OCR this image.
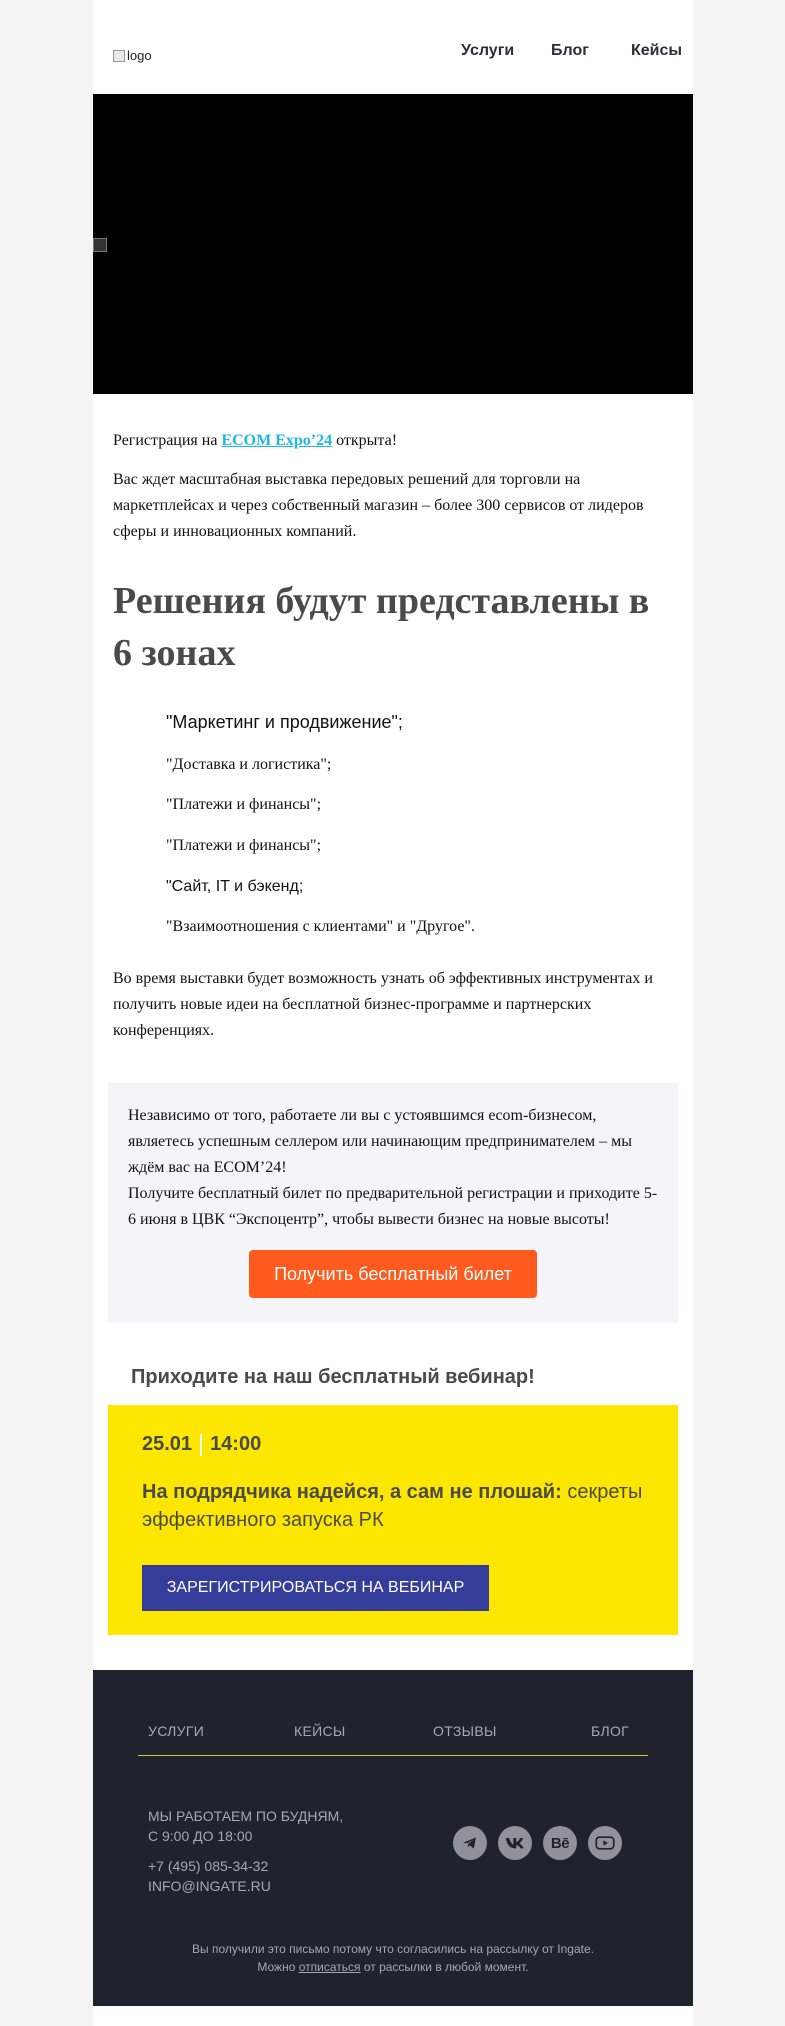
logo	Услуги Блог	Кейсы

Регистрация на ECOM Expo’24 открыта!

Вас ждет масштабная выставка передовых решений для торговли на маркетплейсах и через собственный магазин – более 300 сервисов от лидеров сферы и инновационных компаний.

Решения будут представлены в 6 зонах
"Маркетинг и продвижение";
"Доставка и логистика";
"Платежи и финансы";
"Платежи и финансы";
"Сайт, IT и бэкенд;
"Взаимоотношения с клиентами" и "Другое".

Во время выставки будет возможность узнать об эффективных инструментах и получить новые идеи на бесплатной бизнес-программе и партнерских конференциях.

Независимо от того, работаете ли вы с устоявшимся ecom-бизнесом, являетесь успешным селлером или начинающим предпринимателем – мы ждём вас на ECOM’24!
Получите бесплатный билет по предварительной регистрации и приходите 5-6 июня в ЦВК “Экспоцентр”, чтобы вывести бизнес на новые высоты!
Получить бесплатный билет
Приходите на наш бесплатный вебинар!
25.01 14:00
На подрядчика надейся, а сам не плошай: секреты эффективного запуска РК
ЗАРЕГИСТРИРОВАТЬСЯ НА ВЕБИНАР
УСЛУГИ	КЕЙСЫ	ОТЗЫВЫ	БЛОГ
МЫ РАБОТАЕМ ПО БУДНЯМ,
С 9:00 ДО 18:00
+7 (495) 085-34-32
INFO@INGATE.RU
Bē
Вы получили это письмо потому что согласились на рассылку от Ingate.
Можно отписаться от рассылки в любой момент.
